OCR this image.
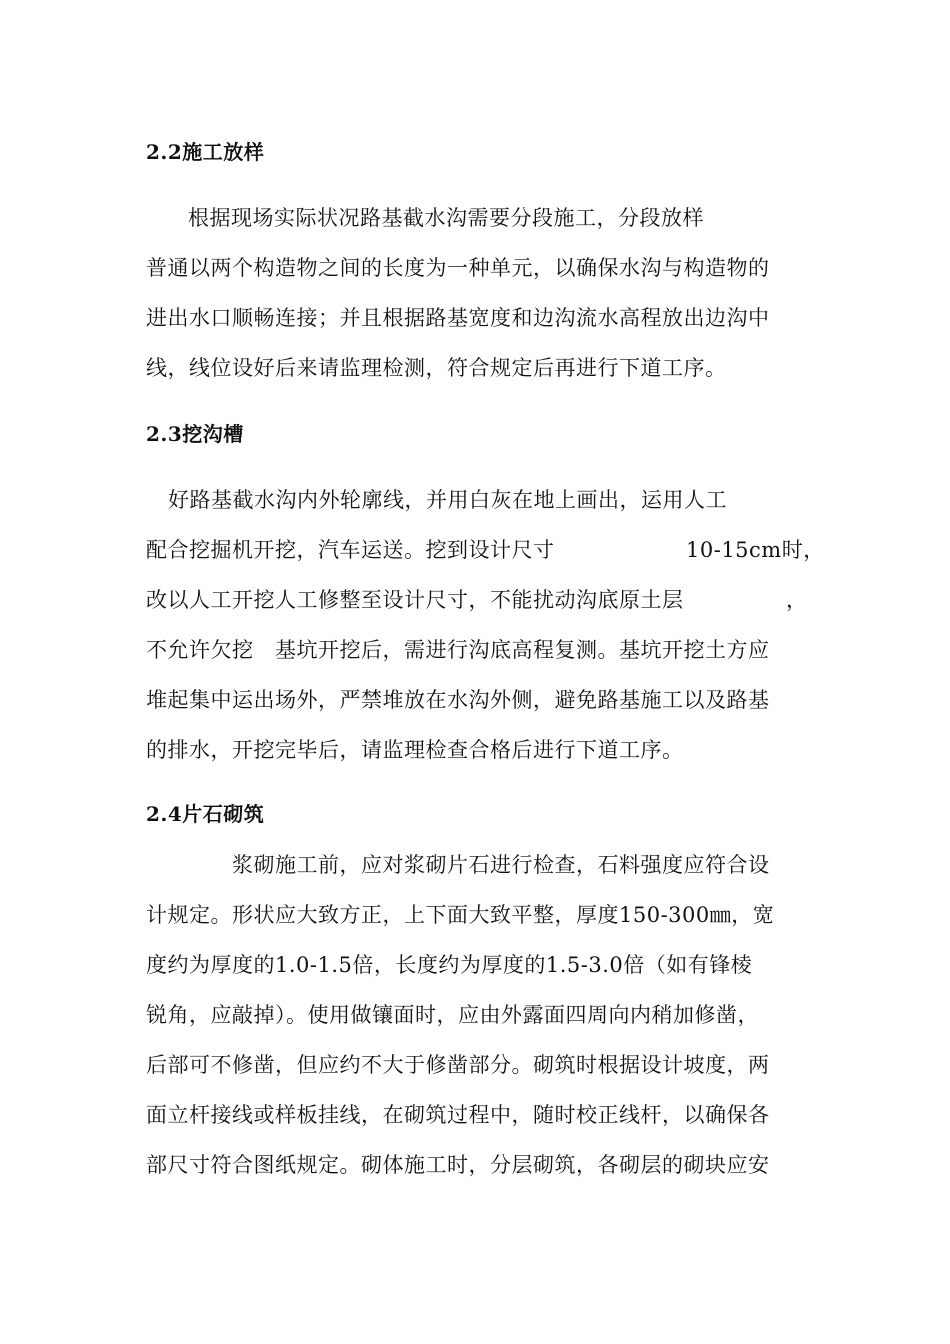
2.2施工放样
根据现场实际状况路基截水沟需要分段施工，分段放样
普通以两个构造物之间的长度为一种单元，以确保水沟与构造物的
进出水口顺畅连接；并且根据路基宽度和边沟流水高程放出边沟中
线，线位设好后来请监理检测，符合规定后再进行下道工序。
2.3挖沟槽
好路基截水沟内外轮廓线，并用白灰在地上画出，运用人工
配合挖掘机开挖，汽车运送。挖到设计尺寸	10-15cm时，
改以人工开挖人工修整至设计尺寸，不能扰动沟底原土层	，
不允许欠挖　基坑开挖后，需进行沟底高程复测。基坑开挖土方应
堆起集中运出场外，严禁堆放在水沟外侧，避免路基施工以及路基
的排水，开挖完毕后，请监理检查合格后进行下道工序。
2.4片石砌筑
浆砌施工前，应对浆砌片石进行检查，石料强度应符合设
计规定。形状应大致方正，上下面大致平整，厚度150-300㎜，宽
度约为厚度的1.0-1.5倍，长度约为厚度的1.5-3.0倍（如有锋棱
锐角，应敲掉）。使用做镶面时，应由外露面四周向内稍加修凿，
后部可不修凿，但应约不大于修凿部分。砌筑时根据设计坡度，两
面立杆接线或样板挂线，在砌筑过程中，随时校正线杆，以确保各
部尺寸符合图纸规定。砌体施工时，分层砌筑，各砌层的砌块应安
